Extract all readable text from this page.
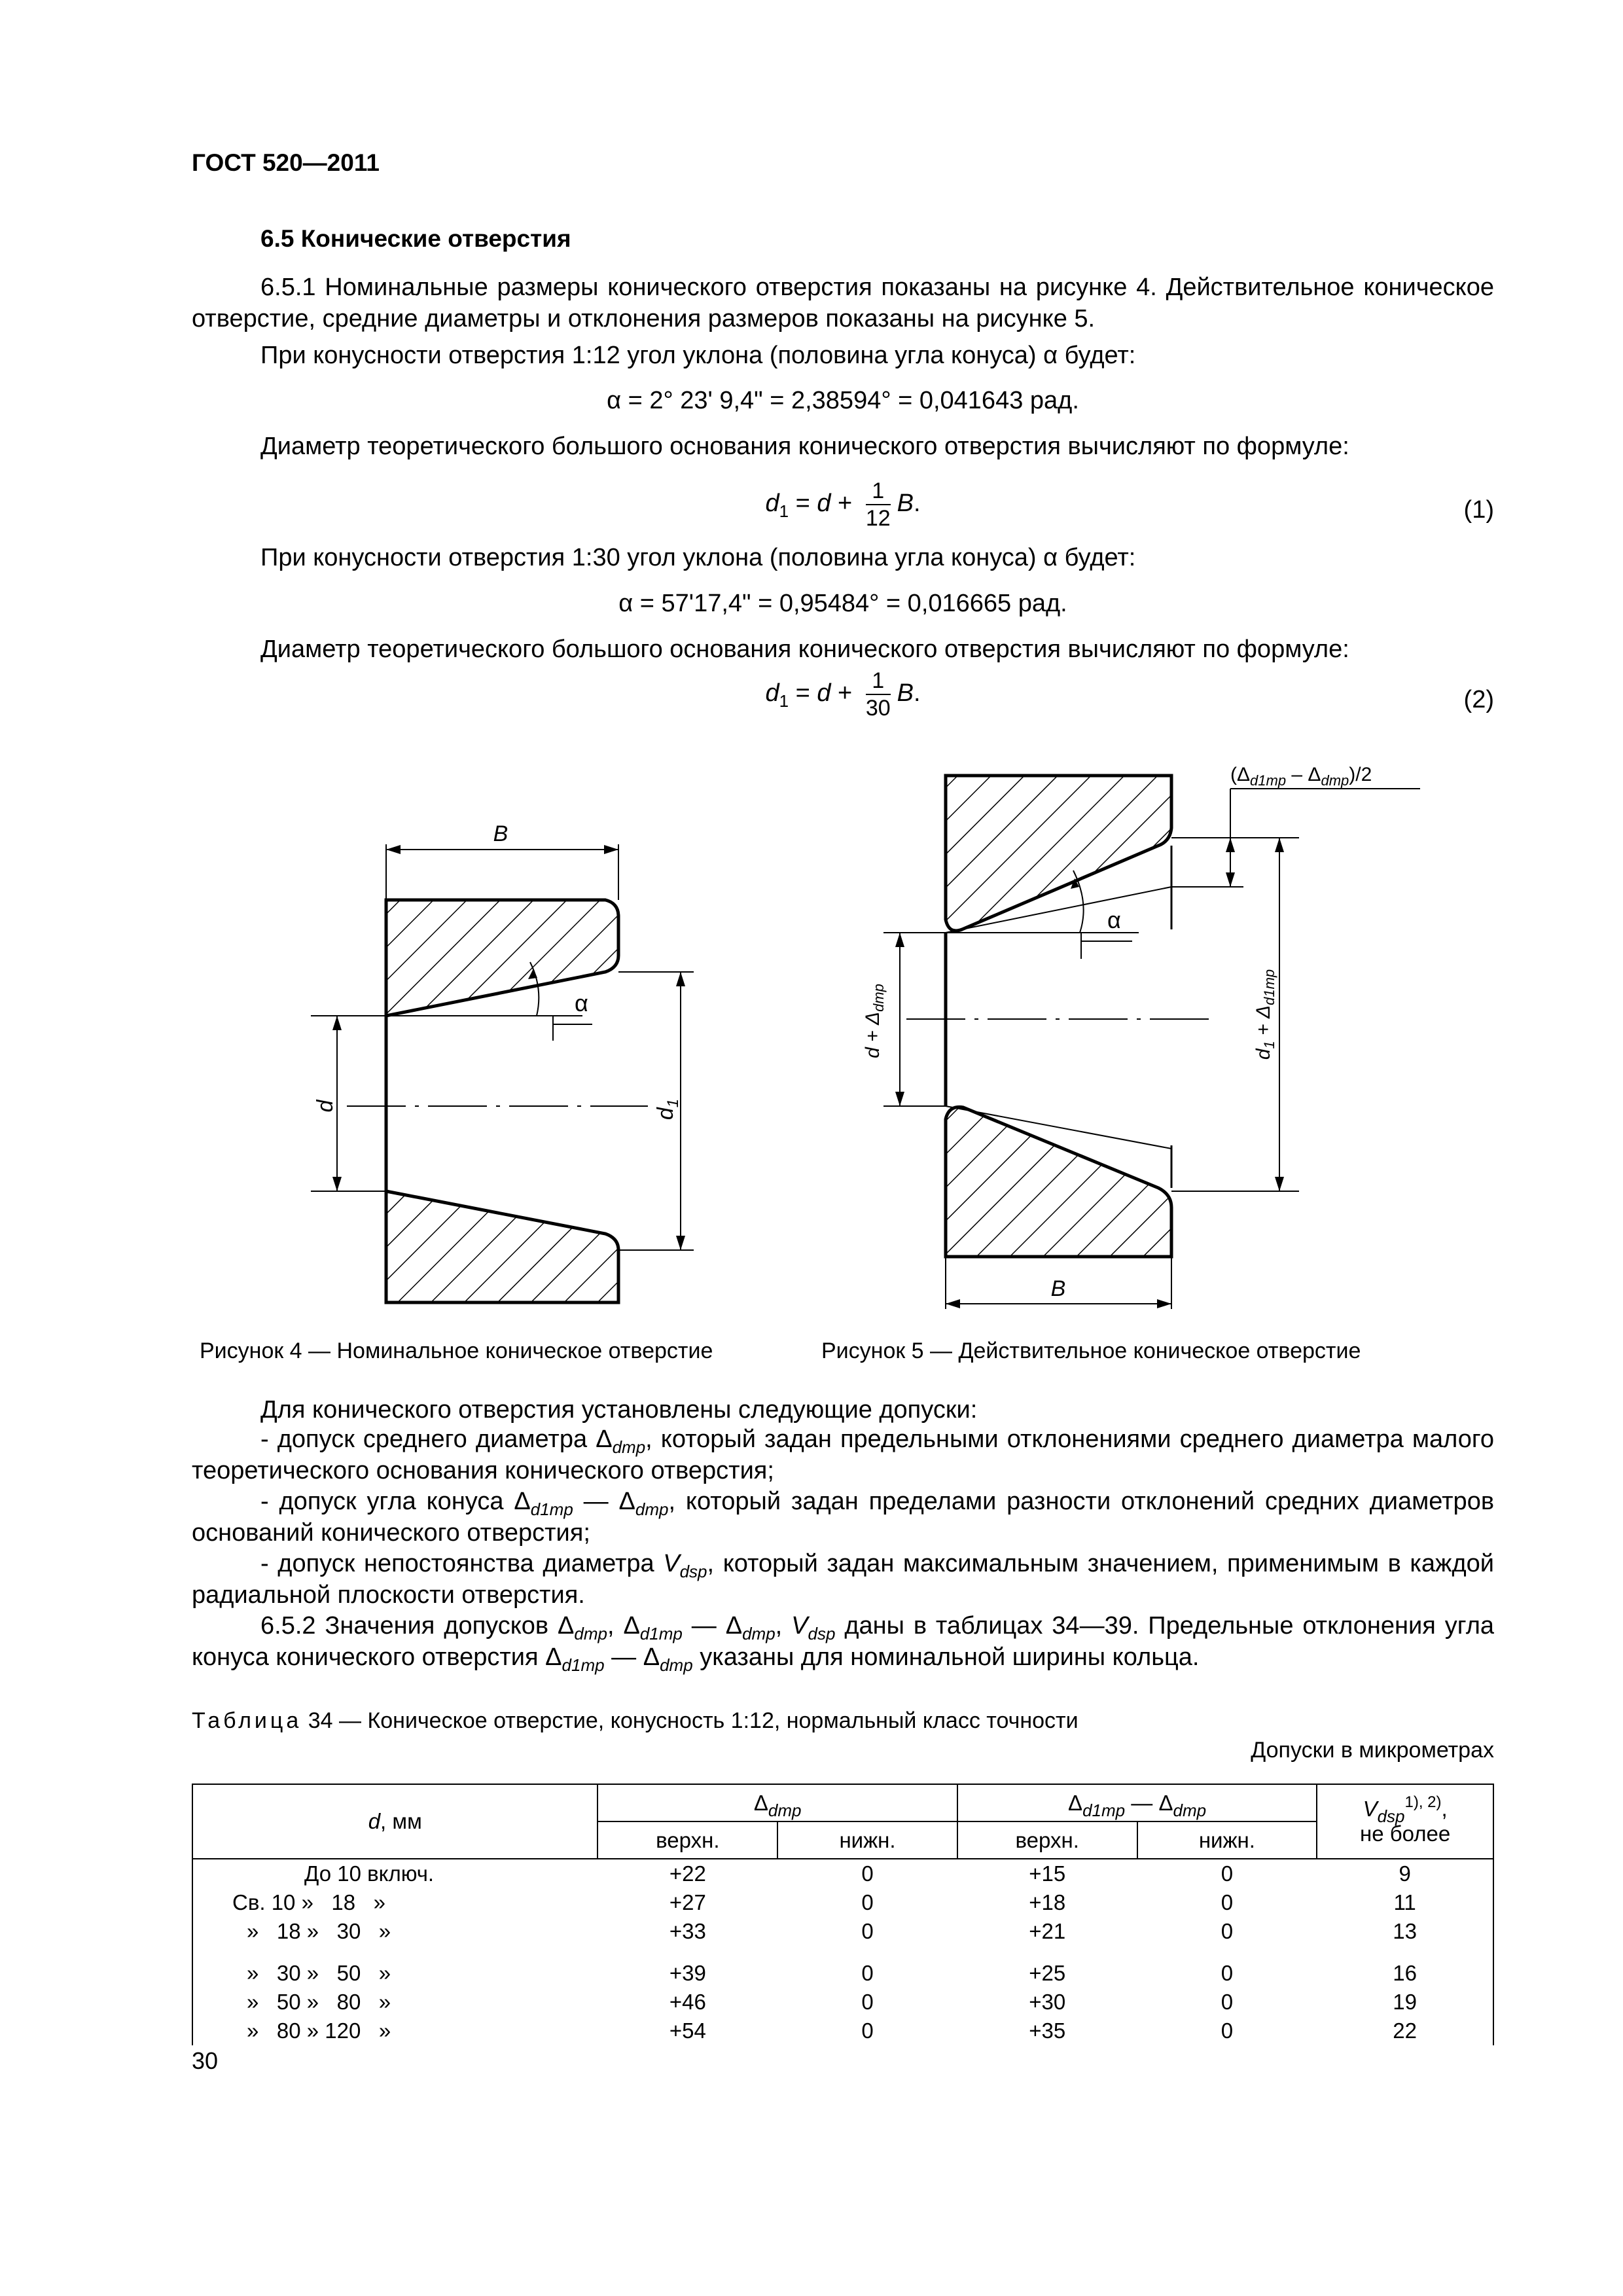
ГОСТ 520—2011
6.5 Конические отверстия
6.5.1 Номинальные размеры конического отверстия показаны на рисунке 4. Действительное коническое отверстие, средние диаметры и отклонения размеров показаны на рисунке 5.
При конусности отверстия 1:12 угол уклона (половина угла конуса) α будет:
α = 2° 23' 9,4" = 2,38594° = 0,041643 рад.
Диаметр теоретического большого основания конического отверстия вычисляют по формуле:
$d_1 = d + \frac{1}{12} B$.	(1)
При конусности отверстия 1:30 угол уклона (половина угла конуса) α будет:
α = 57'17,4" = 0,95484° = 0,016665 рад.
Диаметр теоретического большого основания конического отверстия вычисляют по формуле:
$d_1 = d + \frac{1}{30} B$.	(2)
B
d
$d_1$
α
Рисунок 4 — Номинальное коническое отверстие
$d + \Delta_{dmp}$
$d_1 + \Delta_{d1mp}$
$(\Delta_{d1mp} - \Delta_{dmp})/2$
α
B
Рисунок 5 — Действительное коническое отверстие
Для конического отверстия установлены следующие допуски:
- допуск среднего диаметра $\Delta_{dmp}$, который задан предельными отклонениями среднего диаметра малого теоретического основания конического отверстия;
- допуск угла конуса $\Delta_{d1mp}$ — $\Delta_{dmp}$, который задан пределами разности отклонений средних диаметров оснований конического отверстия;
- допуск непостоянства диаметра $V_{dsp}$, который задан максимальным значением, применимым в каждой радиальной плоскости отверстия.
6.5.2 Значения допусков $\Delta_{dmp}$, $\Delta_{d1mp}$ — $\Delta_{dmp}$, $V_{dsp}$ даны в таблицах 34—39. Предельные отклонения угла конуса конического отверстия $\Delta_{d1mp}$ — $\Delta_{dmp}$ указаны для номинальной ширины кольца.
Таблица 34 — Коническое отверстие, конусность 1:12, нормальный класс точности
Допуски в микрометрах
d, мм	$\Delta_{dmp}$		$\Delta_{d1mp}$ — $\Delta_{dmp}$		$V_{dsp}^{1), 2)}$,
не более
	верхн.	нижн.	верхн.	нижн.	
До 10 включ.	+22	0	+15	0	9
Св. 10 »   18   »	+27	0	+18	0	11
»   18 »   30   »	+33	0	+21	0	13
»   30 »   50   »	+39	0	+25	0	16
»   50 »   80   »	+46	0	+30	0	19
»   80 » 120   »	+54	0	+35	0	22
30
